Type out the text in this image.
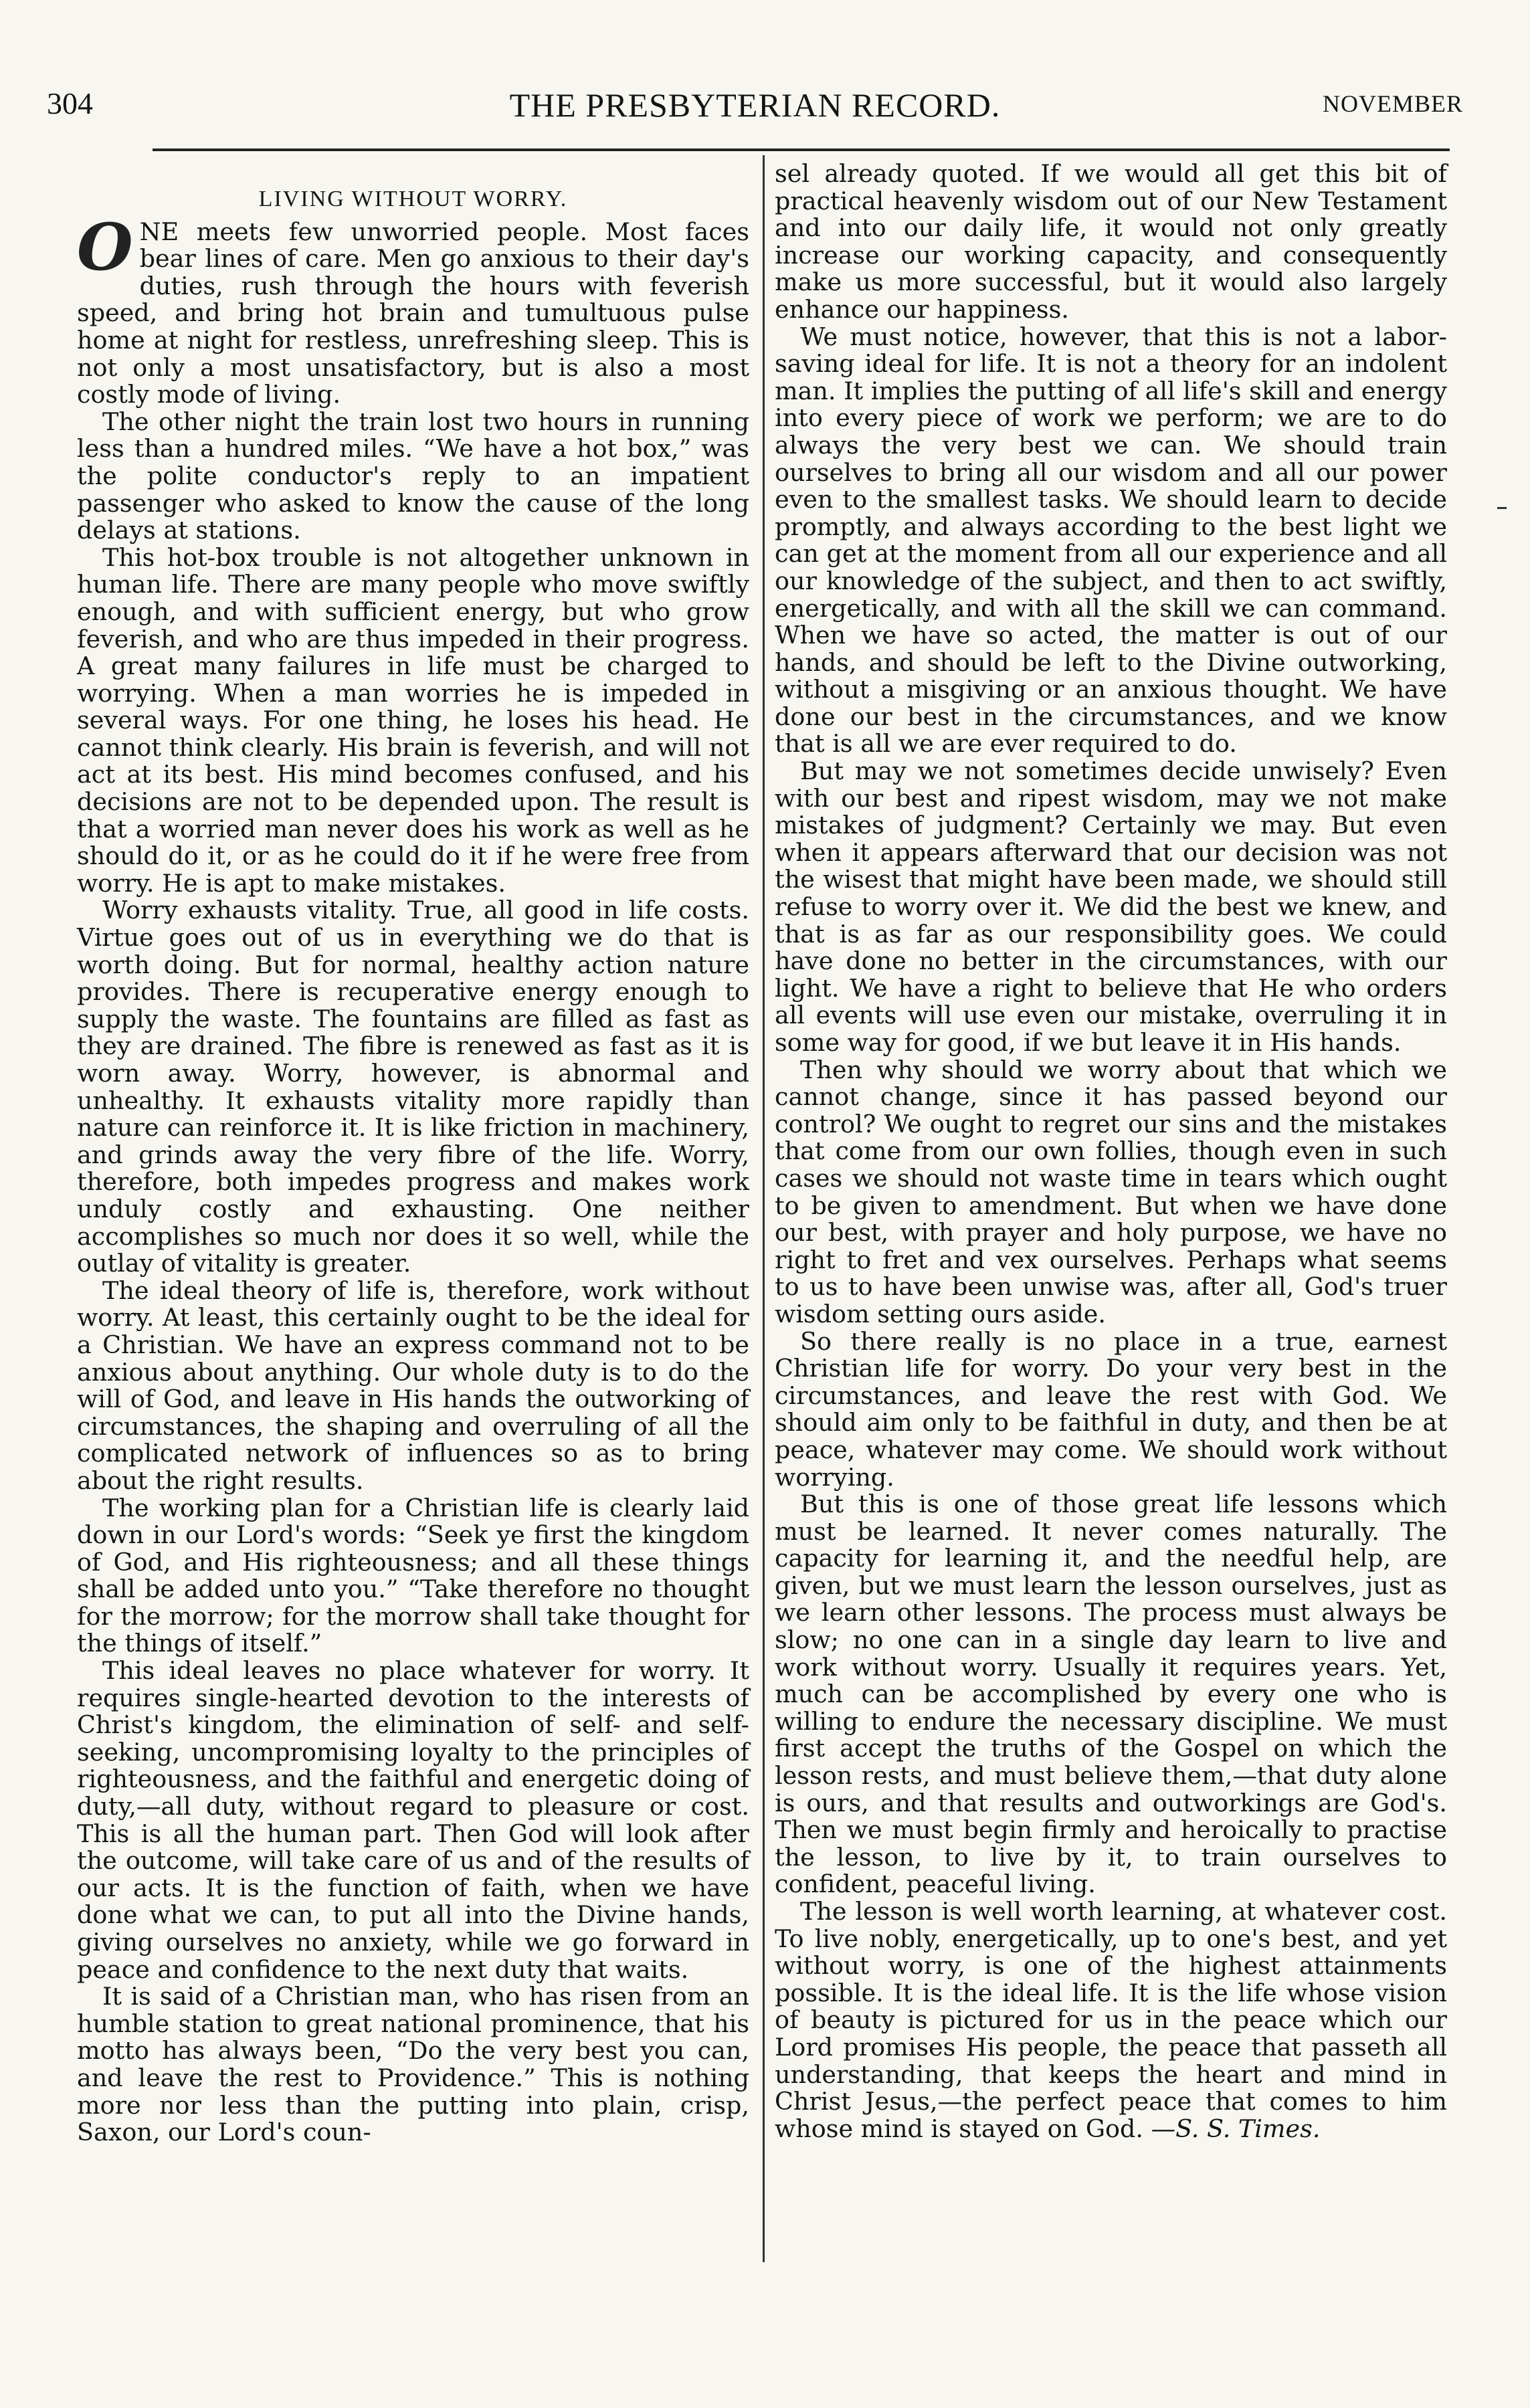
304	THE PRESBYTERIAN RECORD.	NOVEMBER
LIVING WITHOUT WORRY.

ONE meets few unworried people. Most faces bear lines of care. Men go anxious to their day's duties, rush through the hours with feverish speed, and bring hot brain and tumultuous pulse home at night for restless, unrefreshing sleep. This is not only a most unsatisfactory, but is also a most costly mode of living.

The other night the train lost two hours in running less than a hundred miles. “We have a hot box,” was the polite conductor's reply to an impatient passenger who asked to know the cause of the long delays at stations.

This hot-box trouble is not altogether unknown in human life. There are many people who move swiftly enough, and with sufficient energy, but who grow feverish, and who are thus impeded in their progress. A great many failures in life must be charged to worrying. When a man worries he is impeded in several ways. For one thing, he loses his head. He cannot think clearly. His brain is feverish, and will not act at its best. His mind becomes confused, and his decisions are not to be depended upon. The result is that a worried man never does his work as well as he should do it, or as he could do it if he were free from worry. He is apt to make mistakes.

Worry exhausts vitality. True, all good in life costs. Virtue goes out of us in everything we do that is worth doing. But for normal, healthy action nature provides. There is recuperative energy enough to supply the waste. The fountains are filled as fast as they are drained. The fibre is renewed as fast as it is worn away. Worry, however, is abnormal and unhealthy. It exhausts vitality more rapidly than nature can reinforce it. It is like friction in machinery, and grinds away the very fibre of the life. Worry, therefore, both impedes progress and makes work unduly costly and exhausting. One neither accomplishes so much nor does it so well, while the outlay of vitality is greater.

The ideal theory of life is, therefore, work without worry. At least, this certainly ought to be the ideal for a Christian. We have an express command not to be anxious about anything. Our whole duty is to do the will of God, and leave in His hands the outworking of circumstances, the shaping and overruling of all the complicated network of influences so as to bring about the right results.

The working plan for a Christian life is clearly laid down in our Lord's words: “Seek ye first the kingdom of God, and His righteousness; and all these things shall be added unto you.” “Take therefore no thought for the morrow; for the morrow shall take thought for the things of itself.”

This ideal leaves no place whatever for worry. It requires single-hearted devotion to the interests of Christ's kingdom, the elimination of self- and self-seeking, uncompromising loyalty to the principles of righteousness, and the faithful and energetic doing of duty,—all duty, without regard to pleasure or cost. This is all the human part. Then God will look after the outcome, will take care of us and of the results of our acts. It is the function of faith, when we have done what we can, to put all into the Divine hands, giving ourselves no anxiety, while we go forward in peace and confidence to the next duty that waits.

It is said of a Christian man, who has risen from an humble station to great national prominence, that his motto has always been, “Do the very best you can, and leave the rest to Providence.” This is nothing more nor less than the putting into plain, crisp, Saxon, our Lord's coun-

sel already quoted. If we would all get this bit of practical heavenly wisdom out of our New Testament and into our daily life, it would not only greatly increase our working capacity, and consequently make us more successful, but it would also largely enhance our happiness.

We must notice, however, that this is not a labor-saving ideal for life. It is not a theory for an indolent man. It implies the putting of all life's skill and energy into every piece of work we perform; we are to do always the very best we can. We should train ourselves to bring all our wisdom and all our power even to the smallest tasks. We should learn to decide promptly, and always according to the best light we can get at the moment from all our experience and all our knowledge of the subject, and then to act swiftly, energetically, and with all the skill we can command. When we have so acted, the matter is out of our hands, and should be left to the Divine outworking, without a misgiving or an anxious thought. We have done our best in the circumstances, and we know that is all we are ever required to do.

But may we not sometimes decide unwisely? Even with our best and ripest wisdom, may we not make mistakes of judgment? Certainly we may. But even when it appears afterward that our decision was not the wisest that might have been made, we should still refuse to worry over it. We did the best we knew, and that is as far as our responsibility goes. We could have done no better in the circumstances, with our light. We have a right to believe that He who orders all events will use even our mistake, overruling it in some way for good, if we but leave it in His hands.

Then why should we worry about that which we cannot change, since it has passed beyond our control? We ought to regret our sins and the mistakes that come from our own follies, though even in such cases we should not waste time in tears which ought to be given to amendment. But when we have done our best, with prayer and holy purpose, we have no right to fret and vex ourselves. Perhaps what seems to us to have been unwise was, after all, God's truer wisdom setting ours aside.

So there really is no place in a true, earnest Christian life for worry. Do your very best in the circumstances, and leave the rest with God. We should aim only to be faithful in duty, and then be at peace, whatever may come. We should work without worrying.

But this is one of those great life lessons which must be learned. It never comes naturally. The capacity for learning it, and the needful help, are given, but we must learn the lesson ourselves, just as we learn other lessons. The process must always be slow; no one can in a single day learn to live and work without worry. Usually it requires years. Yet, much can be accomplished by every one who is willing to endure the necessary discipline. We must first accept the truths of the Gospel on which the lesson rests, and must believe them,—that duty alone is ours, and that results and outworkings are God's. Then we must begin firmly and heroically to practise the lesson, to live by it, to train ourselves to confident, peaceful living.

The lesson is well worth learning, at whatever cost. To live nobly, energetically, up to one's best, and yet without worry, is one of the highest attainments possible. It is the ideal life. It is the life whose vision of beauty is pictured for us in the peace which our Lord promises His people, the peace that passeth all understanding, that keeps the heart and mind in Christ Jesus,—the perfect peace that comes to him whose mind is stayed on God. —S. S. Times.
